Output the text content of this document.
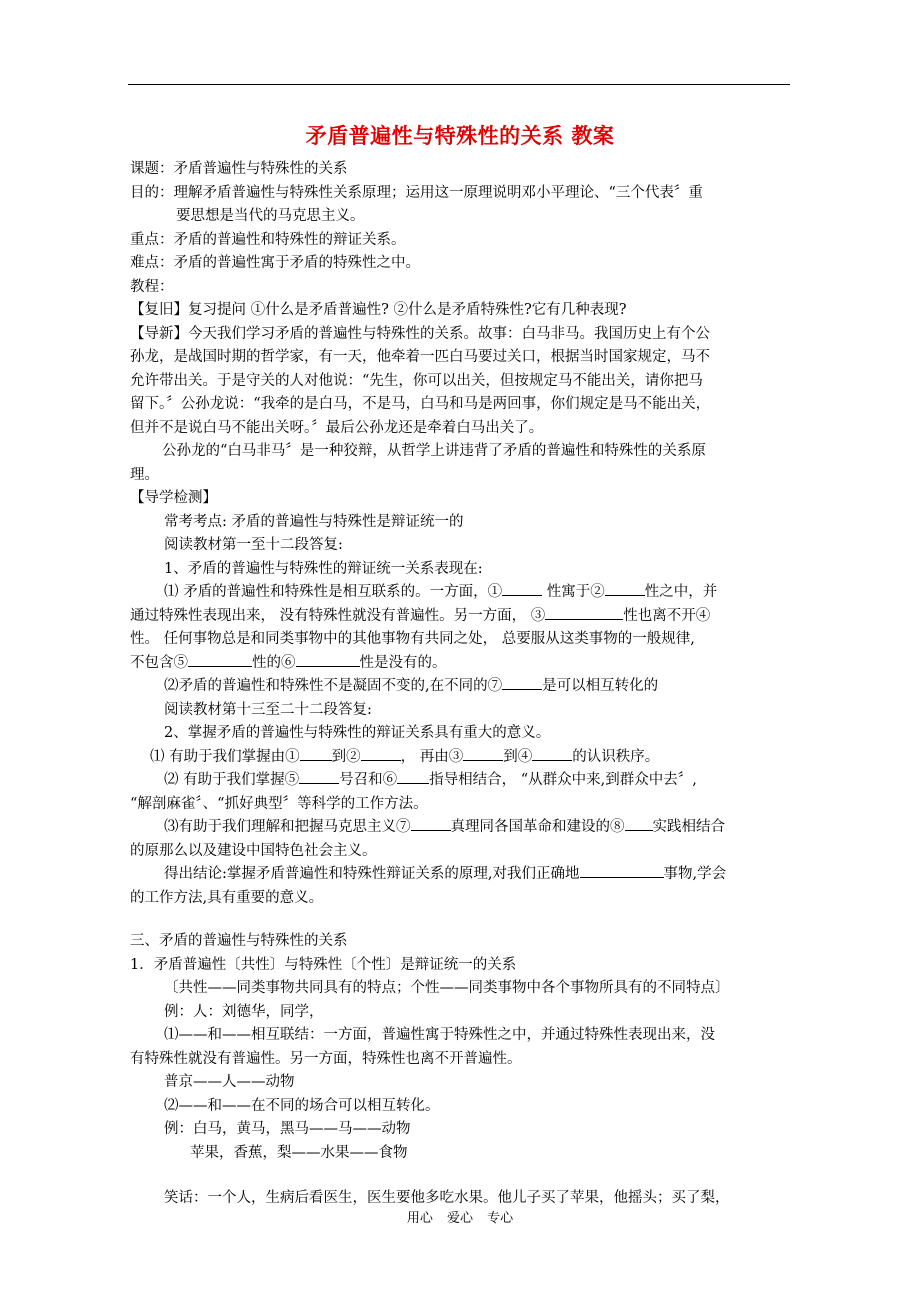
矛盾普遍性与特殊性的关系 教案

课题：矛盾普遍性与特殊性的关系

目的：理解矛盾普遍性与特殊性关系原理；运用这一原理说明邓小平理论、“三个代表〞重

要思想是当代的马克思主义。

重点：矛盾的普遍性和特殊性的辩证关系。

难点：矛盾的普遍性寓于矛盾的特殊性之中。

教程：

【复旧】复习提问 ①什么是矛盾普遍性? ②什么是矛盾特殊性?它有几种表现?

【导新】今天我们学习矛盾的普遍性与特殊性的关系。故事：白马非马。我国历史上有个公

孙龙，是战国时期的哲学家，有一天，他牵着一匹白马要过关口，根据当时国家规定，马不

允许带出关。于是守关的人对他说：“先生，你可以出关，但按规定马不能出关，请你把马

留下。〞公孙龙说：“我牵的是白马，不是马，白马和马是两回事，你们规定是马不能出关，

但并不是说白马不能出关呀。〞最后公孙龙还是牵着白马出关了。

公孙龙的“白马非马〞是一种狡辩，从哲学上讲违背了矛盾的普遍性和特殊性的关系原

理。

【导学检测】

常考考点: 矛盾的普遍性与特殊性是辩证统一的

阅读教材第一至十二段答复:

1、矛盾的普遍性与特殊性的辩证统一关系表现在:

⑴ 矛盾的普遍性和特殊性是相互联系的。一方面，①	性寓于②	性之中，并

通过特殊性表现出来， 没有特殊性就没有普遍性。另一方面， ③	性也离不开④

性。 任何事物总是和同类事物中的其他事物有共同之处， 总要服从这类事物的一般规律,

不包含⑤	性的⑥	性是没有的。

⑵矛盾的普遍性和特殊性不是凝固不变的,在不同的⑦	是可以相互转化的

阅读教材第十三至二十二段答复:

2、掌握矛盾的普遍性与特殊性的辩证关系具有重大的意义。

⑴ 有助于我们掌握由① 到②	， 再由③	到④	的认识秩序。

⑵ 有助于我们掌握⑤	号召和⑥ 指导相结合， “从群众中来,到群众中去〞,

“解剖麻雀〞、“抓好典型〞等科学的工作方法。

⑶有助于我们理解和把握马克思主义⑦	真理同各国革命和建设的⑧ 实践相结合

的原那么以及建设中国特色社会主义。

得出结论:掌握矛盾普遍性和特殊性辩证关系的原理,对我们正确地	事物,学会

的工作方法,具有重要的意义。

三、矛盾的普遍性与特殊性的关系

1．矛盾普遍性〔共性〕与特殊性〔个性〕是辩证统一的关系

〔共性——同类事物共同具有的特点；个性——同类事物中各个事物所具有的不同特点〕

例：人：刘德华，同学，

⑴——和——相互联结：一方面，普遍性寓于特殊性之中，并通过特殊性表现出来，没

有特殊性就没有普遍性。另一方面，特殊性也离不开普遍性。

普京——人——动物

⑵——和——在不同的场合可以相互转化。

例：白马，黄马，黑马——马——动物

苹果，香蕉，梨——水果——食物

笑话：一个人，生病后看医生，医生要他多吃水果。他儿子买了苹果，他摇头；买了梨，

用心 爱心 专心
